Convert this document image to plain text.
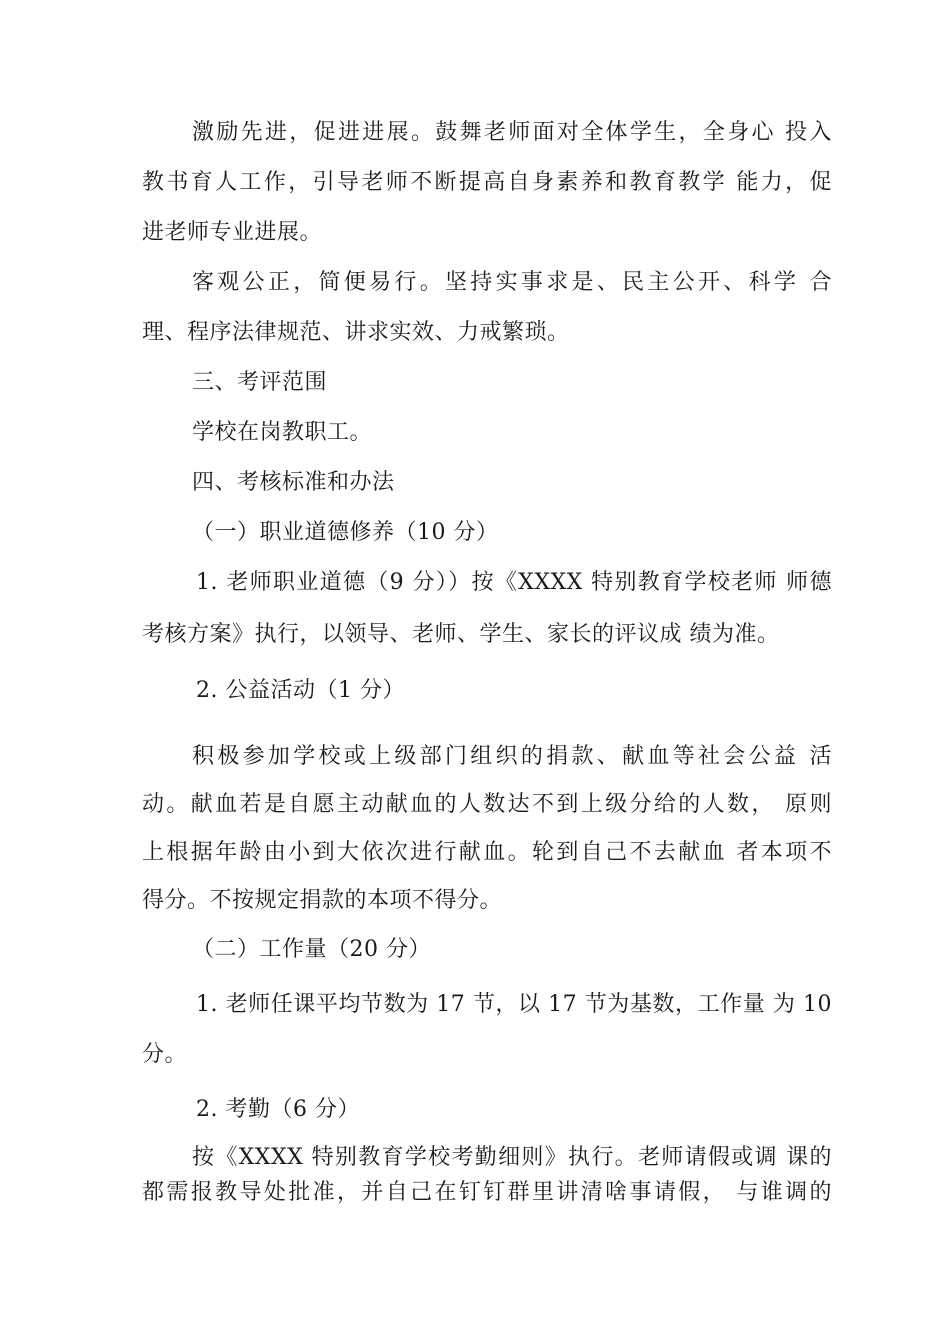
激励先进，促进进展。鼓舞老师面对全体学生，全身心 投入
教书育人工作，引导老师不断提高自身素养和教育教学 能力，促
进老师专业进展。
客观公正，简便易行。坚持实事求是、民主公开、科学 合
理、程序法律规范、讲求实效、力戒繁琐。
三、考评范围
学校在岗教职工。
四、考核标准和办法
（一）职业道德修养（10 分）
1. 老师职业道德（9 分））按《XXXX 特别教育学校老师 师德
考核方案》执行，以领导、老师、学生、家长的评议成 绩为准。
2. 公益活动（1 分）
积极参加学校或上级部门组织的捐款、献血等社会公益 活
动。献血若是自愿主动献血的人数达不到上级分给的人数， 原则
上根据年龄由小到大依次进行献血。轮到自己不去献血 者本项不
得分。不按规定捐款的本项不得分。
（二）工作量（20 分）
1. 老师任课平均节数为 17 节，以 17 节为基数，工作量 为 10
分。
2. 考勤（6 分）
按《XXXX 特别教育学校考勤细则》执行。老师请假或调 课的
都需报教导处批准，并自己在钉钉群里讲清啥事请假， 与谁调的
